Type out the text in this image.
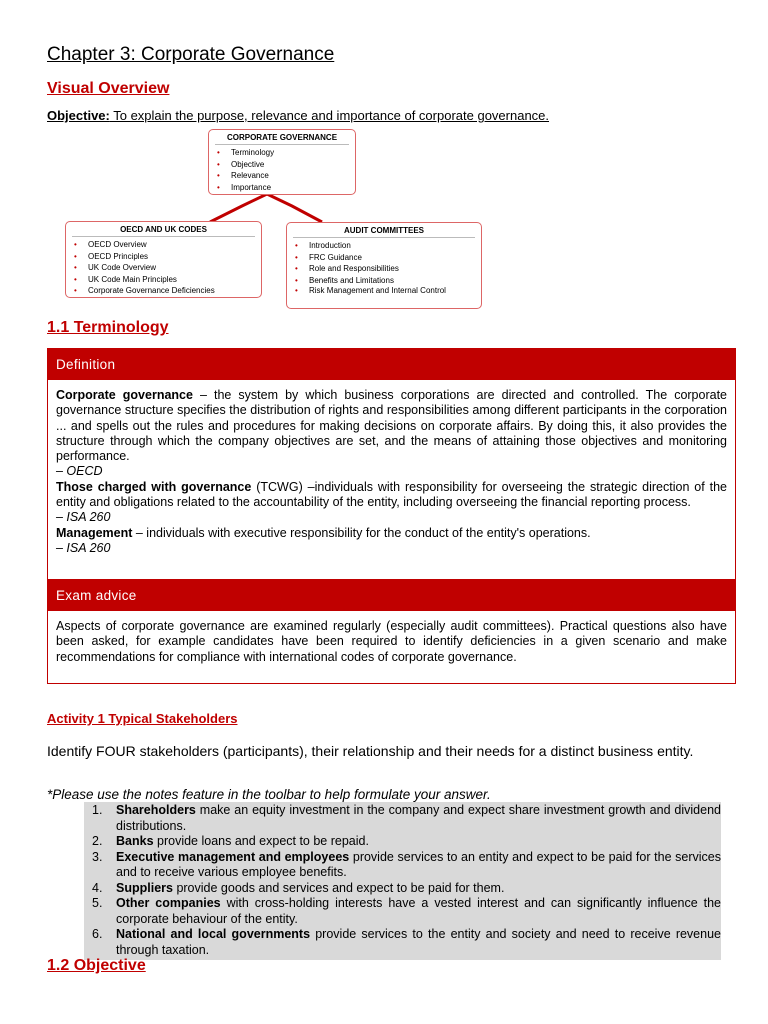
Chapter 3: Corporate Governance
Visual Overview
Objective: To explain the purpose, relevance and importance of corporate governance.
CORPORATE GOVERNANCE
• Terminology
• Objective
• Relevance
• Importance
OECD AND UK CODES
• OECD Overview
• OECD Principles
• UK Code Overview
• UK Code Main Principles
• Corporate Governance Deficiencies
AUDIT COMMITTEES
• Introduction
• FRC Guidance
• Role and Responsibilities
• Benefits and Limitations
• Risk Management and Internal Control
1.1 Terminology
Definition
Corporate governance – the system by which business corporations are directed and controlled. The corporate governance structure specifies the distribution of rights and responsibilities among different participants in the corporation ... and spells out the rules and procedures for making decisions on corporate affairs. By doing this, it also provides the structure through which the company objectives are set, and the means of attaining those objectives and monitoring performance.
– OECD
Those charged with governance (TCWG) –individuals with responsibility for overseeing the strategic direction of the entity and obligations related to the accountability of the entity, including overseeing the financial reporting process.
– ISA 260
Management – individuals with executive responsibility for the conduct of the entity's operations.
– ISA 260
Exam advice
Aspects of corporate governance are examined regularly (especially audit committees). Practical questions also have been asked, for example candidates have been required to identify deficiencies in a given scenario and make recommendations for compliance with international codes of corporate governance.
Activity 1 Typical Stakeholders
Identify FOUR stakeholders (participants), their relationship and their needs for a distinct business entity.
*Please use the notes feature in the toolbar to help formulate your answer.
1. Shareholders make an equity investment in the company and expect share investment growth and dividend distributions.
2. Banks provide loans and expect to be repaid.
3. Executive management and employees provide services to an entity and expect to be paid for the services and to receive various employee benefits.
4. Suppliers provide goods and services and expect to be paid for them.
5. Other companies with cross-holding interests have a vested interest and can significantly influence the corporate behaviour of the entity.
6. National and local governments provide services to the entity and society and need to receive revenue through taxation.
1.2 Objective
